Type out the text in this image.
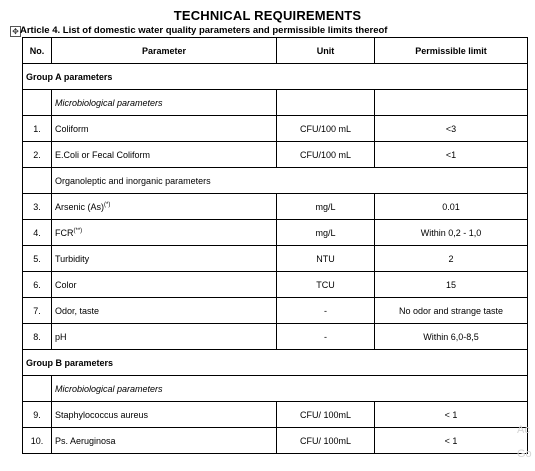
TECHNICAL REQUIREMENTS
✥ Article 4. List of domestic water quality parameters and permissible limits thereof
No.	Parameter	Unit	Permissible limit
Group A parameters			
	Microbiological parameters		
1.	Coliform	CFU/100 mL	<3
2.	E.Coli or Fecal Coliform	CFU/100 mL	<1
	Organoleptic and inorganic parameters		
3.	Arsenic (As)(*)	mg/L	0.01
4.	FCR(**)	mg/L	Within 0,2 - 1,0
5.	Turbidity	NTU	2
6.	Color	TCU	15
7.	Odor, taste	-	No odor and strange taste
8.	pH	-	Within 6,0-8,5
Group B parameters			
	Microbiological parameters		
9.	Staphylococcus aureus	CFU/ 100mL	< 1
10.	Ps. Aeruginosa	CFU/ 100mL	< 1
Ac
Go
